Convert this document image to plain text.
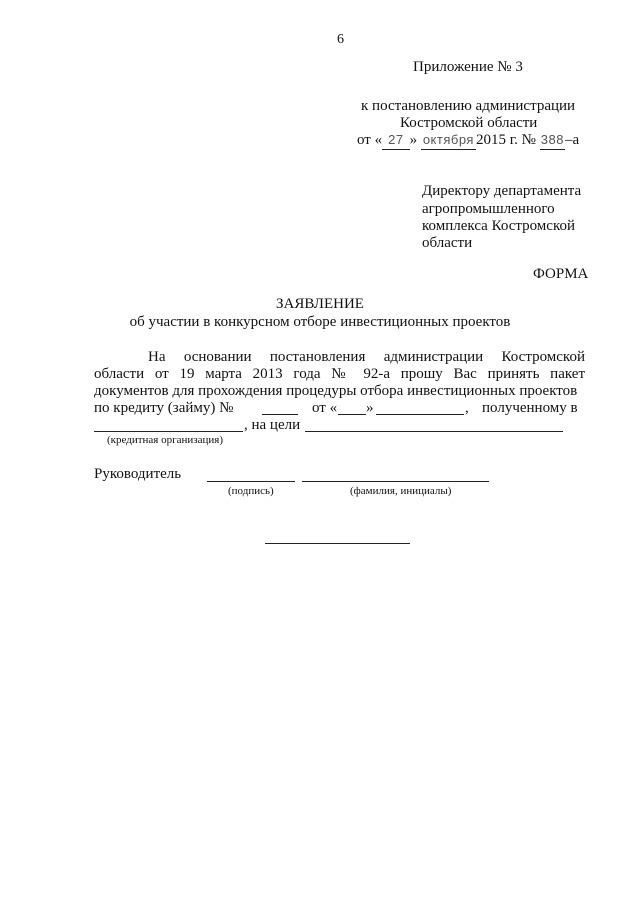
6
Приложение № 3
к постановлению администрации
Костромской области
от « 27 » октября 2015 г. № 388–а
Директору департамента
агропромышленного
комплекса Костромской
области
ФОРМА
ЗАЯВЛЕНИЕ
об участии в конкурсном отборе инвестиционных проектов
На основании постановления администрации Костромской
области от 19 марта 2013 года № 92-а прошу Вас принять пакет
документов для прохождения процедуры отбора инвестиционных проектов
по кредиту (займу) №	от « »	, полученному в
, на цели
(кредитная организация)
Руководитель
(подпись)	(фамилия, инициалы)
